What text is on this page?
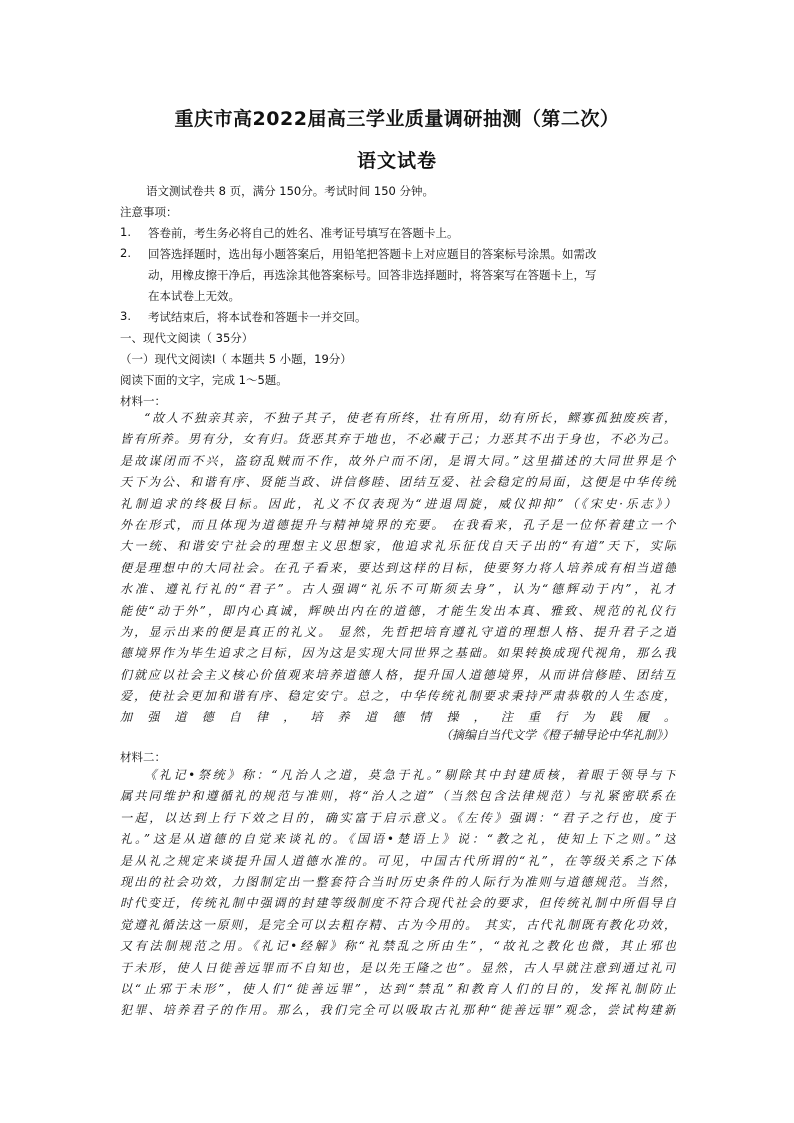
重庆市高2022届高三学业质量调研抽测（第二次）
语文试卷
语文测试卷共 8 页，满分 150分。考试时间 150 分钟。
注意事项：
1. 答卷前，考生务必将自己的姓名、准考证号填写在答题卡上。
2. 回答选择题时，选出每小题答案后，用铅笔把答题卡上对应题目的答案标号涂黑。如需改
动，用橡皮擦干净后，再选涂其他答案标号。回答非选择题时，将答案写在答题卡上，写
在本试卷上无效。
3. 考试结束后，将本试卷和答题卡一并交回。
一、现代文阅读（ 35分）
（一）现代文阅读Ⅰ（ 本题共 5 小题，19分）
阅读下面的文字，完成 1～5题。
材料一：
“故人不独亲其亲，不独子其子，使老有所终，壮有所用，幼有所长，鳏寡孤独废疾者，
皆有所养。男有分，女有归。货恶其弃于地也，不必藏于己；力恶其不出于身也，不必为己。
是故谋闭而不兴，盗窃乱贼而不作，故外户而不闭，是谓大同。”这里描述的大同世界是个
天下为公、和谐有序、贤能当政、讲信修睦、团结互爱、社会稳定的局面，这便是中华传统
礼制追求的终极目标。因此，礼义不仅表现为“进退周旋，威仪抑抑”（《宋史·乐志》）
外在形式，而且体现为道德提升与精神境界的充要。 在我看来，孔子是一位怀着建立一个
大一统、和谐安宁社会的理想主义思想家，他追求礼乐征伐自天子出的“有道”天下，实际
便是理想中的大同社会。在孔子看来，要达到这样的目标，使要努力将人培养成有相当道德
水准、遵礼行礼的“君子”。古人强调“礼乐不可斯须去身”，认为“德辉动于内”，礼才
能使“动于外”，即内心真诚，辉映出内在的道德，才能生发出本真、雅致、规范的礼仪行
为，显示出来的便是真正的礼义。 显然，先哲把培育遵礼守道的理想人格、提升君子之道
德境界作为毕生追求之目标，因为这是实现大同世界之基础。如果转换成现代视角，那么我
们就应以社会主义核心价值观来培养道德人格，提升国人道德境界，从而讲信修睦、团结互
爱，使社会更加和谐有序、稳定安宁。总之，中华传统礼制要求秉持严肃恭敬的人生态度，
加强道德自律，培养道德情操，注重行为践履。
（摘编自当代文学《橙子辅导论中华礼制》）
材料二：
《礼记•祭统》称：“凡治人之道，莫急于礼。”剔除其中封建质核，着眼于领导与下
属共同维护和遵循礼的规范与准则，将“治人之道”（当然包含法律规范）与礼紧密联系在
一起，以达到上行下效之目的，确实富于启示意义。《左传》强调：“君子之行也，度于
礼。”这是从道德的自觉来谈礼的。《国语•楚语上》说：“教之礼，使知上下之则。”这
是从礼之规定来谈提升国人道德水准的。可见，中国古代所谓的“礼”，在等级关系之下体
现出的社会功效，力图制定出一整套符合当时历史条件的人际行为准则与道德规范。当然，
时代变迁，传统礼制中强调的封建等级制度不符合现代社会的要求，但传统礼制中所倡导自
觉遵礼循法这一原则，是完全可以去粗存精、古为今用的。 其实，古代礼制既有教化功效，
又有法制规范之用。《礼记•经解》称“礼禁乱之所由生”，“故礼之教化也微，其止邪也
于未形，使人日徙善远罪而不自知也，是以先王隆之也”。显然，古人早就注意到通过礼可
以“止邪于未形”，使人们“徙善远罪”，达到“禁乱”和教育人们的目的，发挥礼制防止
犯罪、培养君子的作用。那么，我们完全可以吸取古礼那种“徙善远罪”观念，尝试构建新
